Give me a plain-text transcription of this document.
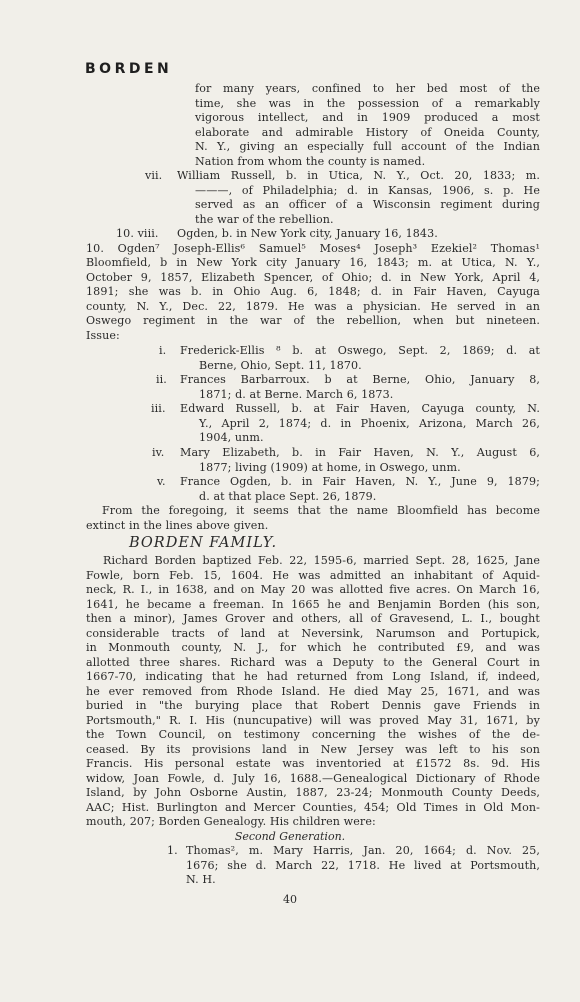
BORDEN
for many years, confined to her bed most of the
time, she was in the possession of a remarkably
vigorous intellect, and in 1909 produced a most
elaborate and admirable History of Oneida County,
N. Y., giving an especially full account of the Indian
Nation from whom the county is named.
vii. William Russell, b. in Utica, N. Y., Oct. 20, 1833; m.
———, of Philadelphia; d. in Kansas, 1906, s. p. He
served as an officer of a Wisconsin regiment during
the war of the rebellion.
10. viii. Ogden, b. in New York city, January 16, 1843.
10. Ogden⁷ Joseph-Ellis⁶ Samuel⁵ Moses⁴ Joseph³ Ezekiel² Thomas¹
Bloomfield, b in New York city January 16, 1843; m. at Utica, N. Y.,
October 9, 1857, Elizabeth Spencer, of Ohio; d. in New York, April 4,
1891; she was b. in Ohio Aug. 6, 1848; d. in Fair Haven, Cayuga
county, N. Y., Dec. 22, 1879. He was a physician. He served in an
Oswego regiment in the war of the rebellion, when but nineteen.
Issue:
i. Frederick-Ellis ⁸ b. at Oswego, Sept. 2, 1869; d. at
Berne, Ohio, Sept. 11, 1870.
ii. Frances Barbarroux. b at Berne, Ohio, January 8,
1871; d. at Berne. March 6, 1873.
iii. Edward Russell, b. at Fair Haven, Cayuga county, N.
Y., April 2, 1874; d. in Phoenix, Arizona, March 26,
1904, unm.
iv. Mary Elizabeth, b. in Fair Haven, N. Y., August 6,
1877; living (1909) at home, in Oswego, unm.
v. France Ogden, b. in Fair Haven, N. Y., June 9, 1879;
d. at that place Sept. 26, 1879.
From the foregoing, it seems that the name Bloomfield has become
extinct in the lines above given.
Richard Borden baptized Feb. 22, 1595-6, married Sept. 28, 1625, Jane
Fowle, born Feb. 15, 1604. He was admitted an inhabitant of Aquid-
neck, R. I., in 1638, and on May 20 was allotted five acres. On March 16,
1641, he became a freeman. In 1665 he and Benjamin Borden (his son,
then a minor), James Grover and others, all of Gravesend, L. I., bought
considerable tracts of land at Neversink, Narumson and Portupick,
in Monmouth county, N. J., for which he contributed £9, and was
allotted three shares. Richard was a Deputy to the General Court in
1667-70, indicating that he had returned from Long Island, if, indeed,
he ever removed from Rhode Island. He died May 25, 1671, and was
buried in "the burying place that Robert Dennis gave Friends in
Portsmouth," R. I. His (nuncupative) will was proved May 31, 1671, by
the Town Council, on testimony concerning the wishes of the de-
ceased. By its provisions land in New Jersey was left to his son
Francis. His personal estate was inventoried at £1572 8s. 9d. His
widow, Joan Fowle, d. July 16, 1688.—Genealogical Dictionary of Rhode
Island, by John Osborne Austin, 1887, 23-24; Monmouth County Deeds,
AAC; Hist. Burlington and Mercer Counties, 454; Old Times in Old Mon-
mouth, 207; Borden Genealogy. His children were:
1. Thomas², m. Mary Harris, Jan. 20, 1664; d. Nov. 25,
1676; she d. March 22, 1718. He lived at Portsmouth,
N. H.
BORDEN FAMILY.
Second Generation.
40
